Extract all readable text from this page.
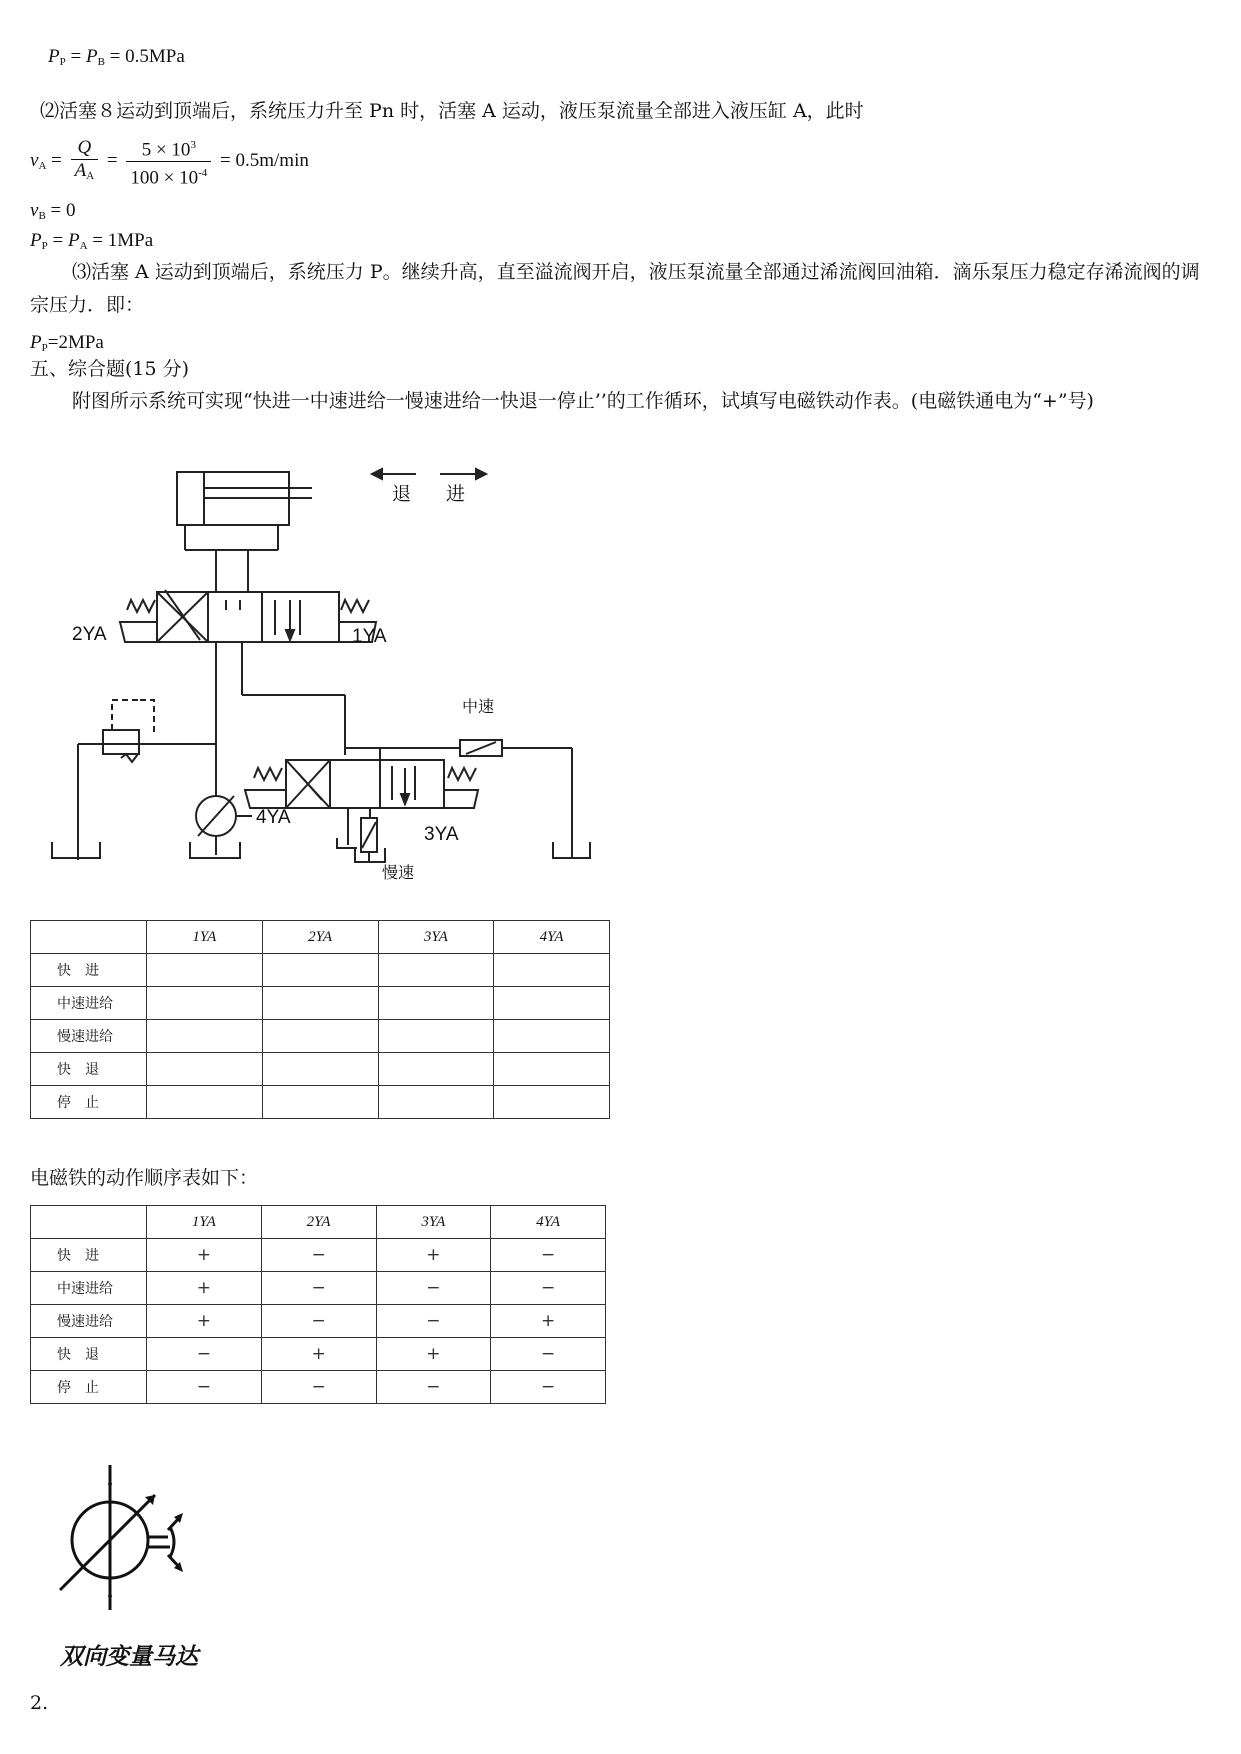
$P_P = P_B = 0.5MPa$
⑵活塞８运动到顶端后，系统压力升至 Pn 时，活塞 A 运动，液压泵流量全部进入液压缸 A，此时
$v_A = \frac{Q}{A_A} = \frac{5 \times 10^3}{100 \times 10^{-4}} = 0.5m/\min$
$v_B = 0$
$P_P = P_A = 1MPa$
⑶活塞 A 运动到顶端后，系统压力 P。继续升高，直至溢流阀开启，液压泵流量全部通过浠流阀回油箱．滴乐泵压力稳定存浠流阀的调宗压力．即：
$P_P=2MPa$
五、综合题(15 分)
附图所示系统可实现“快进一中速进给一慢速进给一快退一停止’’的工作循环，试填写电磁铁动作表。(电磁铁通电为“+”号)
退 进
2YA	1YA
中速
3YA
4YA
慢速
	1YA	2YA	3YA	4YA
快　进				
中速进给				
慢速进给				
快　退				
停　止				
电磁铁的动作顺序表如下：
	1YA	2YA	3YA	4YA
快　进	+	−	+	−
中速进给	+	−	−	−
慢速进给	+	−	−	+
快　退	−	+	+	−
停　止	−	−	−	−
双向变量马达
2.
